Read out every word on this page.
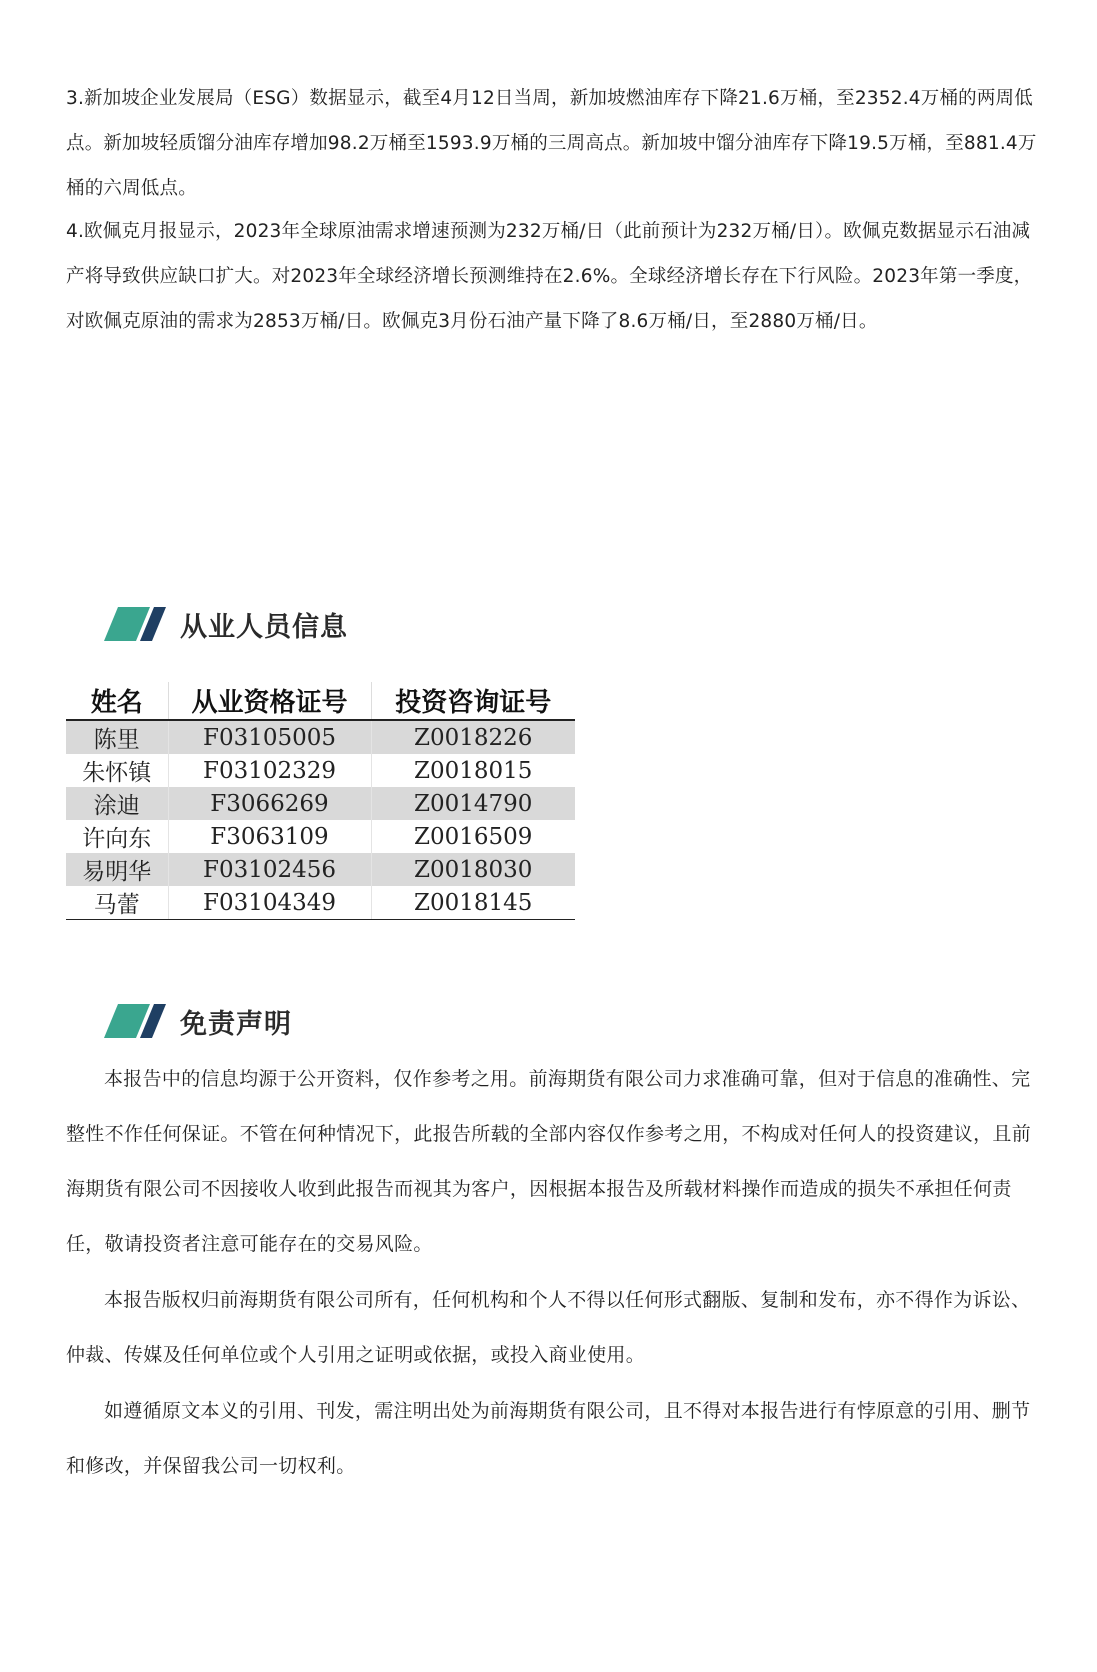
3.新加坡企业发展局（ESG）数据显示，截至4月12日当周，新加坡燃油库存下降21.6万桶，至2352.4万桶的两周低点。新加坡轻质馏分油库存增加98.2万桶至1593.9万桶的三周高点。新加坡中馏分油库存下降19.5万桶，至881.4万桶的六周低点。

4.欧佩克月报显示，2023年全球原油需求增速预测为232万桶/日（此前预计为232万桶/日）。欧佩克数据显示石油减产将导致供应缺口扩大。对2023年全球经济增长预测维持在2.6%。全球经济增长存在下行风险。2023年第一季度，对欧佩克原油的需求为2853万桶/日。欧佩克3月份石油产量下降了8.6万桶/日，至2880万桶/日。

从业人员信息
姓名	从业资格证号	投资咨询证号
陈里	F03105005	Z0018226
朱怀镇	F03102329	Z0018015
涂迪	F3066269	Z0014790
许向东	F3063109	Z0016509
易明华	F03102456	Z0018030
马蕾	F03104349	Z0018145
免责声明

本报告中的信息均源于公开资料，仅作参考之用。前海期货有限公司力求准确可靠，但对于信息的准确性、完整性不作任何保证。不管在何种情况下，此报告所载的全部内容仅作参考之用，不构成对任何人的投资建议，且前海期货有限公司不因接收人收到此报告而视其为客户，因根据本报告及所载材料操作而造成的损失不承担任何责任，敬请投资者注意可能存在的交易风险。

本报告版权归前海期货有限公司所有，任何机构和个人不得以任何形式翻版、复制和发布，亦不得作为诉讼、仲裁、传媒及任何单位或个人引用之证明或依据，或投入商业使用。

如遵循原文本义的引用、刊发，需注明出处为前海期货有限公司，且不得对本报告进行有悖原意的引用、删节和修改，并保留我公司一切权利。
